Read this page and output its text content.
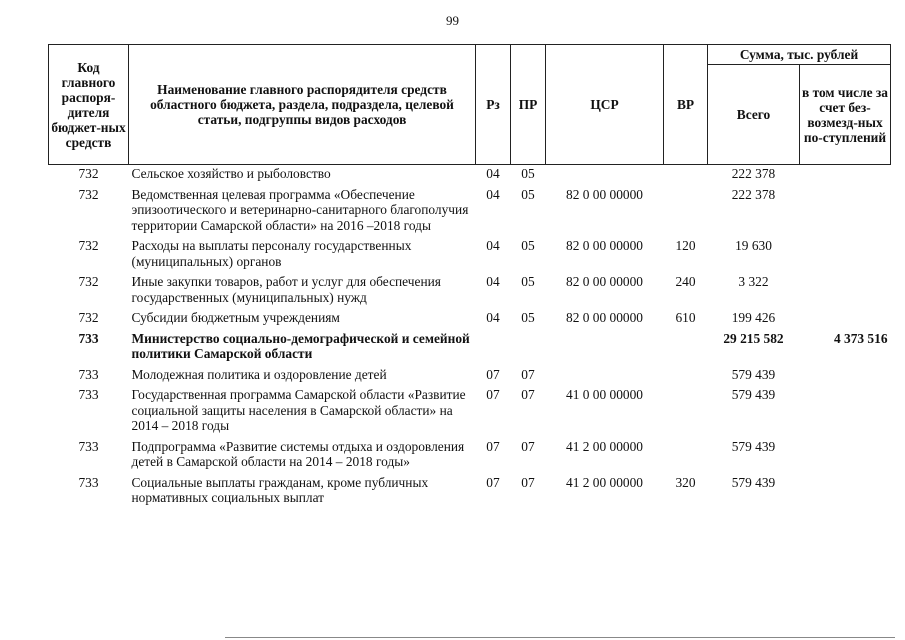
99
Код главного распоря-дителя бюджет-ных средств	Наименование главного распорядителя средств областного бюджета, раздела, подраздела, целевой статьи, подгруппы видов расходов	Рз	ПР	ЦСР	ВР	Сумма, тыс. рублей	
						Всего	в том числе за счет без-возмезд-ных по-ступлений
732	Сельское хозяйство и рыболовство	04	05			222 378	
732	Ведомственная целевая программа «Обеспечение эпизоотического и ветеринарно-санитарного благополучия территории Самарской области» на 2016 –2018 годы	04	05	82 0 00 00000		222 378	
732	Расходы на выплаты персоналу государственных (муниципальных) органов	04	05	82 0 00 00000	120	19 630	
732	Иные закупки товаров, работ и услуг для обеспечения государственных (муниципальных) нужд	04	05	82 0 00 00000	240	3 322	
732	Субсидии бюджетным учреждениям	04	05	82 0 00 00000	610	199 426	
733	Министерство социально-демографической и семейной политики Самарской области					29 215 582	4 373 516
733	Молодежная политика и оздоровление детей	07	07			579 439	
733	Государственная программа Самарской области «Развитие социальной защиты населения в Самарской области» на 2014 – 2018 годы	07	07	41 0 00 00000		579 439	
733	Подпрограмма «Развитие системы отдыха и оздоровления детей в Самарской области на 2014 – 2018 годы»	07	07	41 2 00 00000		579 439	
733	Социальные выплаты гражданам, кроме публичных нормативных социальных выплат	07	07	41 2 00 00000	320	579 439	
